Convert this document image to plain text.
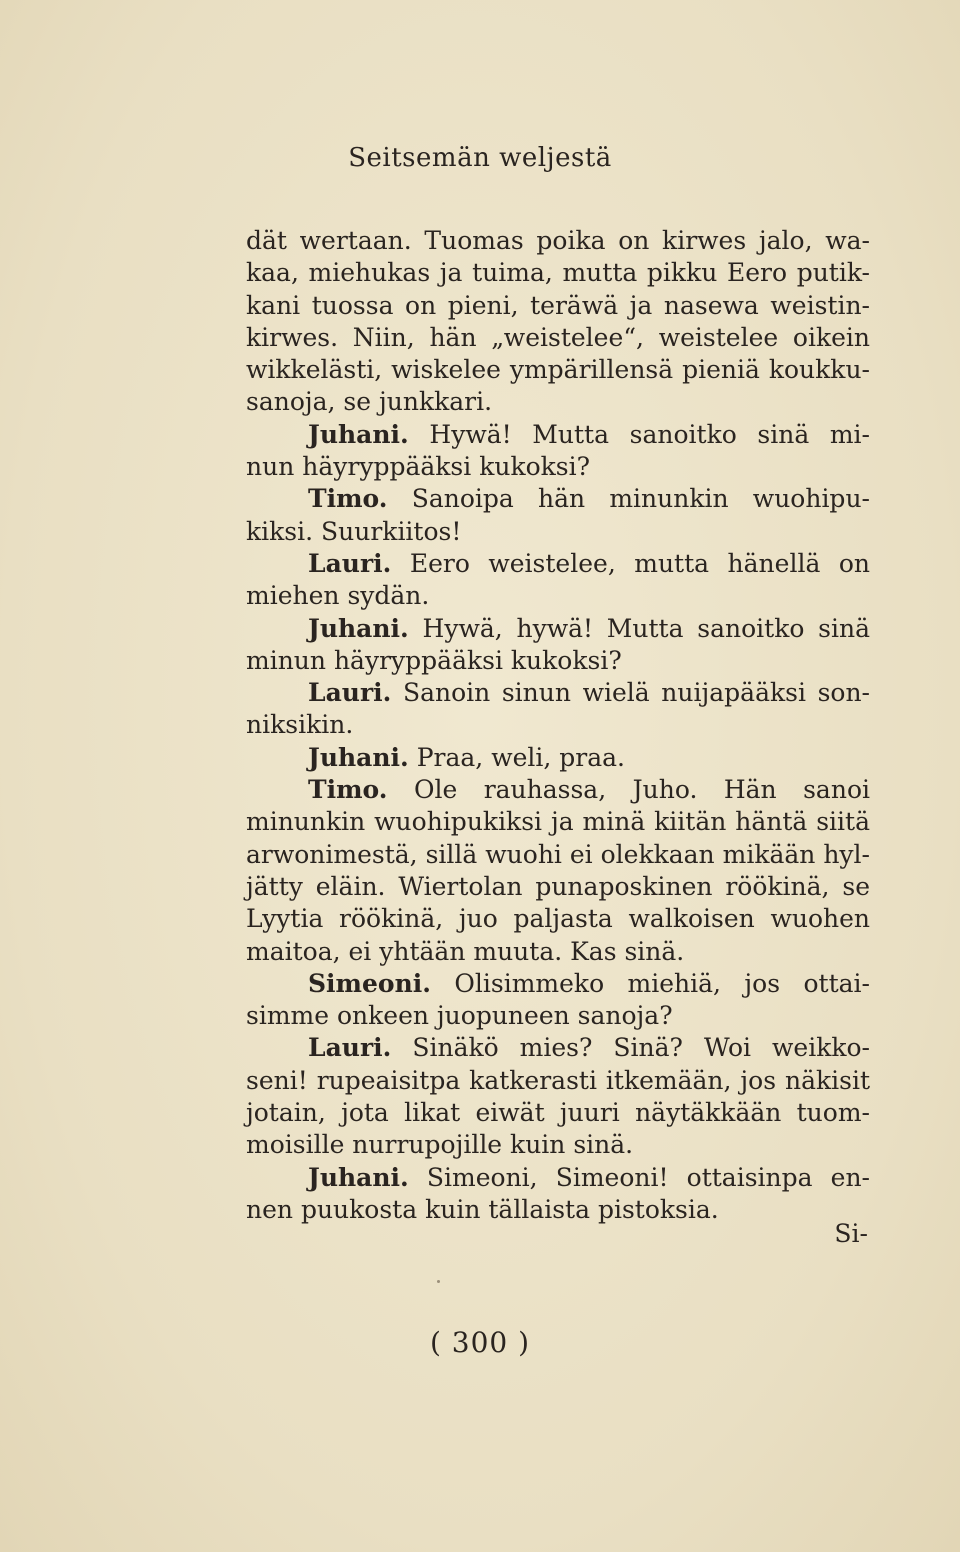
Seitsemän weljestä
dät wertaan. Tuomas poika on kirwes jalo, wa-
kaa, miehukas ja tuima, mutta pikku Eero putik-
kani tuossa on pieni, teräwä ja nasewa weistin-
kirwes. Niin, hän „weistelee“, weistelee oikein
wikkelästi, wiskelee ympärillensä pieniä koukku-
sanoja, se junkkari.
Juhani. Hywä! Mutta sanoitko sinä mi-
nun häyryppääksi kukoksi?
Timo. Sanoipa hän minunkin wuohipu-
kiksi. Suurkiitos!
Lauri. Eero weistelee, mutta hänellä on
miehen sydän.
Juhani. Hywä, hywä! Mutta sanoitko sinä
minun häyryppääksi kukoksi?
Lauri. Sanoin sinun wielä nuijapääksi son-
niksikin.
Juhani. Praa, weli, praa.
Timo. Ole rauhassa, Juho. Hän sanoi
minunkin wuohipukiksi ja minä kiitän häntä siitä
arwonimestä, sillä wuohi ei olekkaan mikään hyl-
jätty eläin. Wiertolan punaposkinen röökinä, se
Lyytia röökinä, juo paljasta walkoisen wuohen
maitoa, ei yhtään muuta. Kas sinä.
Simeoni. Olisimmeko miehiä, jos ottai-
simme onkeen juopuneen sanoja?
Lauri. Sinäkö mies? Sinä? Woi weikko-
seni! rupeaisitpa katkerasti itkemään, jos näkisit
jotain, jota likat eiwät juuri näytäkkään tuom-
moisille nurrupojille kuin sinä.
Juhani. Simeoni, Simeoni! ottaisinpa en-
nen puukosta kuin tällaista pistoksia.
Si-
( 300 )
